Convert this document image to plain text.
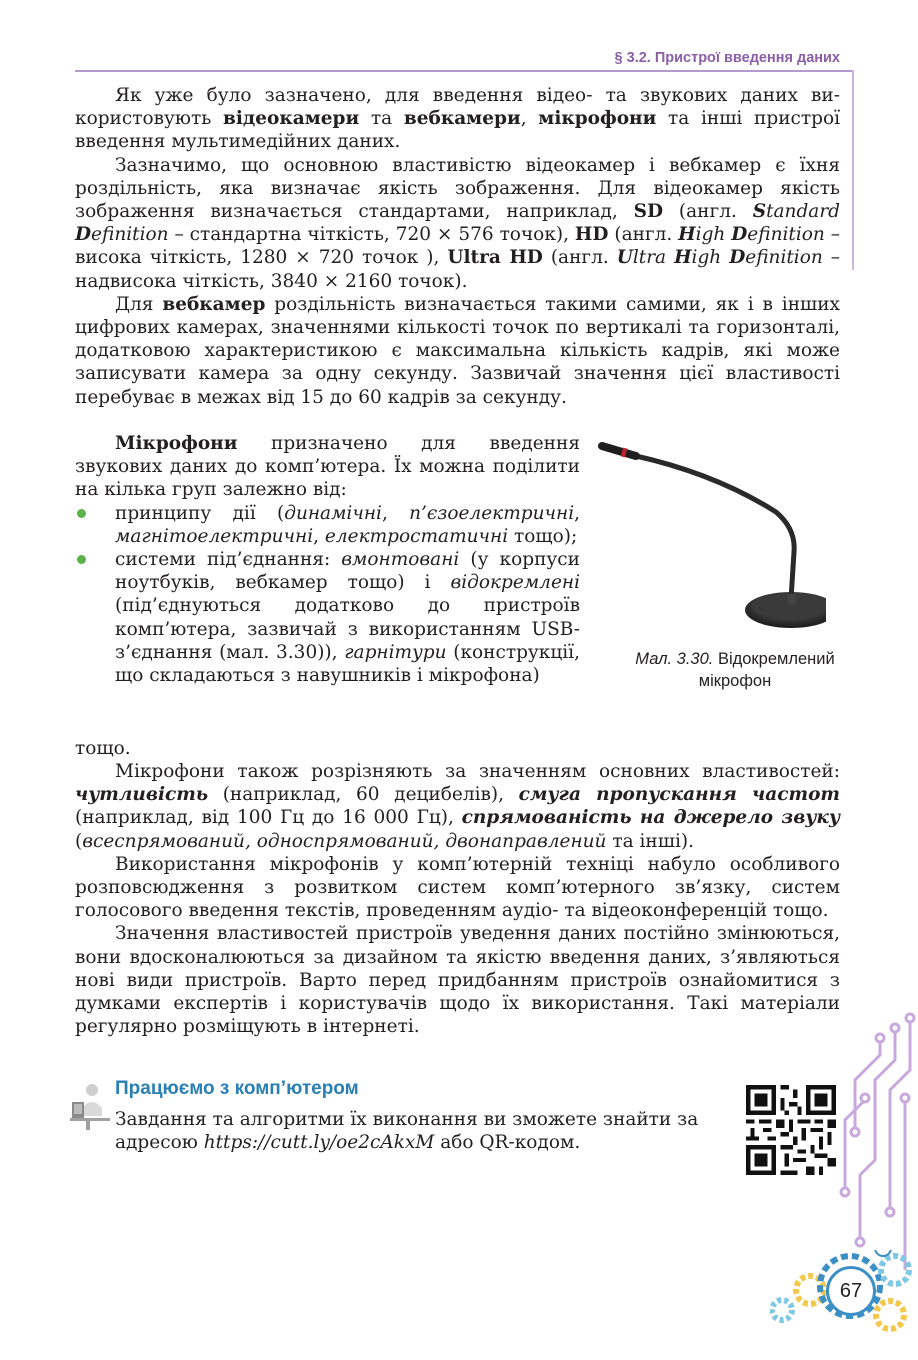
§ 3.2. Пристрої введення даних

Як уже було зазначено, для введення відео- та звукових даних ви-користовують відеокамери та вебкамери, мікрофони та інші пристрої введення мультимедійних даних.

Зазначимо, що основною властивістю відеокамер і вебкамер є їхня роздільність, яка визначає якість зображення. Для відеокамер якість зображення визначається стандартами, наприклад, SD (англ. Standard Definition – стандартна чіткість, 720 × 576 точок), HD (англ. High Definition – висока чіткість, 1280 × 720 точок ), Ultra HD (англ. Ultra High Definition – надвисока чіткість, 3840 × 2160 точок).

Для вебкамер роздільність визначається такими самими, як і в інших цифрових камерах, значеннями кількості точок по вертикалі та горизонталі, додатковою характеристикою є максимальна кількість кадрів, які може записувати камера за одну секунду. Зазвичай значення цієї властивості перебуває в межах від 15 до 60 кадрів за секунду.

Мікрофони призначено для введення звукових даних до комп’ютера. Їх можна поділити на кілька груп залежно від:

принципу дії (динамічні, п’єзоелектричні, магнітоелектричні, електростатичні тощо);

системи під’єднання: вмонтовані (у корпуси ноутбуків, вебкамер тощо) і відокремлені (під’єднуються додатково до пристроїв комп’ютера, зазвичай з використанням USB-з’єднання (мал. 3.30)), гарнітури (конструкції, що складаються з навушників і мікрофона)

тощо.
Мал. 3.30. Відокремлений мікрофон

Мікрофони також розрізняють за значенням основних властивостей: чутливість (наприклад, 60 децибелів), смуга пропускання частот (наприклад, від 100 Гц до 16 000 Гц), спрямованість на джерело звуку (всеспрямований, односпрямований, двонаправлений та інші).

Використання мікрофонів у комп’ютерній техніці набуло особливого розповсюдження з розвитком систем комп’ютерного зв’язку, систем голосового введення текстів, проведенням аудіо- та відеоконференцій тощо.

Значення властивостей пристроїв уведення даних постійно змінюються, вони вдосконалюються за дизайном та якістю введення даних, з’являються нові види пристроїв. Варто перед придбанням пристроїв ознайомитися з думками експертів і користувачів щодо їх використання. Такі матеріали регулярно розміщують в інтернеті.

Працюємо з комп’ютером
Завдання та алгоритми їх виконання ви зможете знайти за адресою https://cutt.ly/oe2cAkxM або QR-кодом.
67
